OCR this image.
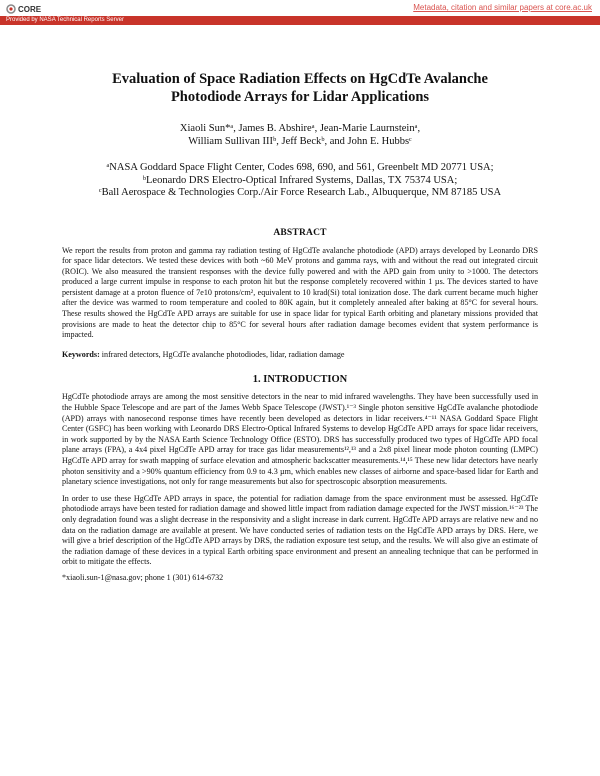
CORE	Metadata, citation and similar papers at core.ac.uk
Provided by NASA Technical Reports Server
Evaluation of Space Radiation Effects on HgCdTe Avalanche
Photodiode Arrays for Lidar Applications
Xiaoli Sun*ᵃ, James B. Abshireᵃ, Jean-Marie Laurnsteinᵃ,
William Sullivan IIIᵇ, Jeff Beckᵇ, and John E. Hubbsᶜ
ᵃNASA Goddard Space Flight Center, Codes 698, 690, and 561, Greenbelt MD 20771 USA;
ᵇLeonardo DRS Electro-Optical Infrared Systems, Dallas, TX 75374 USA;
ᶜBall Aerospace & Technologies Corp./Air Force Research Lab., Albuquerque, NM 87185 USA
ABSTRACT

We report the results from proton and gamma ray radiation testing of HgCdTe avalanche photodiode (APD) arrays developed by Leonardo DRS for space lidar detectors. We tested these devices with both ~60 MeV protons and gamma rays, with and without the read out integrated circuit (ROIC). We also measured the transient responses with the device fully powered and with the APD gain from unity to >1000. The detectors produced a large current impulse in response to each proton hit but the response completely recovered within 1 µs. The devices started to have persistent damage at a proton fluence of 7e10 protons/cm², equivalent to 10 krad(Si) total ionization dose. The dark current became much higher after the device was warmed to room temperature and cooled to 80K again, but it completely annealed after baking at 85°C for several hours. These results showed the HgCdTe APD arrays are suitable for use in space lidar for typical Earth orbiting and planetary missions provided that provisions are made to heat the detector chip to 85°C for several hours after radiation damage becomes evident that system performance is impacted.

Keywords: infrared detectors, HgCdTe avalanche photodiodes, lidar, radiation damage
1. INTRODUCTION

HgCdTe photodiode arrays are among the most sensitive detectors in the near to mid infrared wavelengths. They have been successfully used in the Hubble Space Telescope and are part of the James Webb Space Telescope (JWST).¹⁻³ Single photon sensitive HgCdTe avalanche photodiode (APD) arrays with nanosecond response times have recently been developed as detectors in lidar receivers.⁴⁻¹¹ NASA Goddard Space Flight Center (GSFC) has been working with Leonardo DRS Electro-Optical Infrared Systems to develop HgCdTe APD arrays for space lidar receivers, in work supported by by the NASA Earth Science Technology Office (ESTO). DRS has successfully produced two types of HgCdTe APD focal plane arrays (FPA), a 4x4 pixel HgCdTe APD array for trace gas lidar measurements¹²,¹³ and a 2x8 pixel linear mode photon counting (LMPC) HgCdTe APD array for swath mapping of surface elevation and atmospheric backscatter measurements.¹⁴,¹⁵ These new lidar detectors have nearly photon sensitivity and a >90% quantum efficiency from 0.9 to 4.3 µm, which enables new classes of airborne and space-based lidar for Earth and planetary science investigations, not only for range measurements but also for spectroscopic absorption measurements.

In order to use these HgCdTe APD arrays in space, the potential for radiation damage from the space environment must be assessed. HgCdTe photodiode arrays have been tested for radiation damage and showed little impact from radiation damage expected for the JWST mission.¹⁶⁻²³ The only degradation found was a slight decrease in the responsivity and a slight increase in dark current. HgCdTe APD arrays are relative new and no data on the radiation damage are available at present. We have conducted series of radiation tests on the HgCdTe APD arrays by DRS. Here, we will give a brief description of the HgCdTe APD arrays by DRS, the radiation exposure test setup, and the results. We will also give an estimate of the radiation damage of these devices in a typical Earth orbiting space environment and present an annealing technique that can be performed in orbit to mitigate the effects.

*xiaoli.sun-1@nasa.gov; phone 1 (301) 614-6732
